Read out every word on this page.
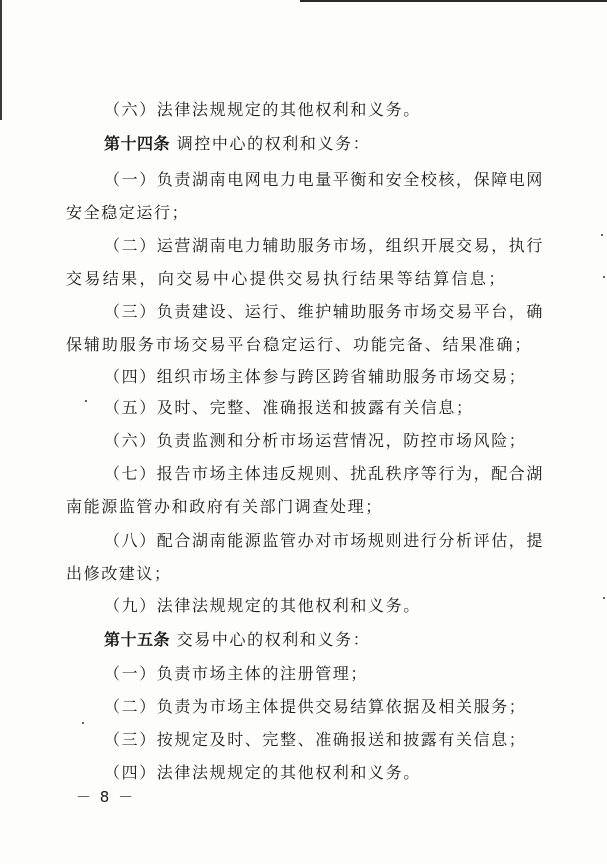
（六）法律法规规定的其他权利和义务。
第十四条 调控中心的权利和义务：
（一）负责湖南电网电力电量平衡和安全校核，保障电网
安全稳定运行；
（二）运营湖南电力辅助服务市场，组织开展交易，执行
交易结果，向交易中心提供交易执行结果等结算信息；
（三）负责建设、运行、维护辅助服务市场交易平台，确
保辅助服务市场交易平台稳定运行、功能完备、结果准确；
（四）组织市场主体参与跨区跨省辅助服务市场交易；
（五）及时、完整、准确报送和披露有关信息；
（六）负责监测和分析市场运营情况，防控市场风险；
（七）报告市场主体违反规则、扰乱秩序等行为，配合湖
南能源监管办和政府有关部门调查处理；
（八）配合湖南能源监管办对市场规则进行分析评估，提
出修改建议；
（九）法律法规规定的其他权利和义务。
第十五条 交易中心的权利和义务：
（一）负责市场主体的注册管理；
（二）负责为市场主体提供交易结算依据及相关服务；
（三）按规定及时、完整、准确报送和披露有关信息；
（四）法律法规规定的其他权利和义务。
－ 8 －
